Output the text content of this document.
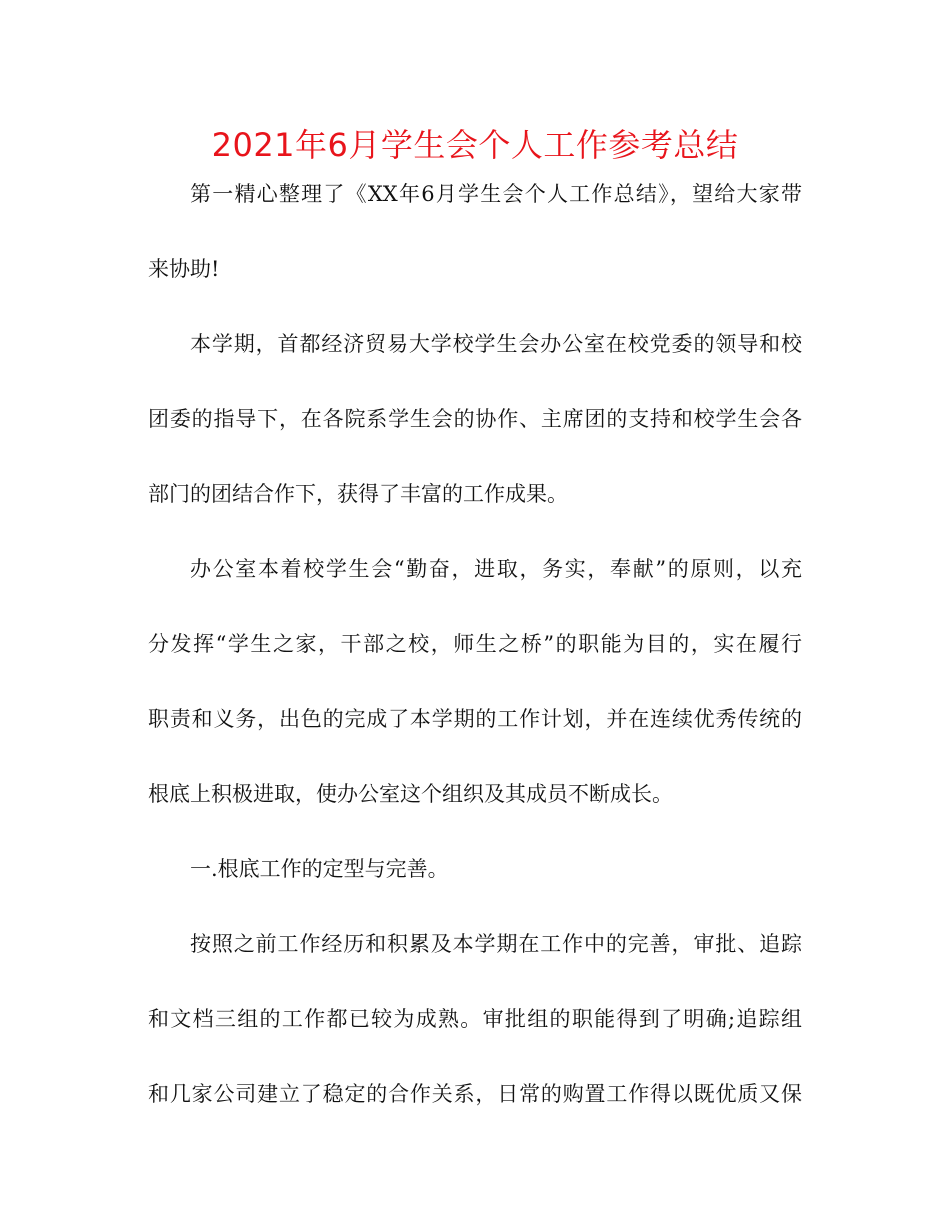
2021年6月学生会个人工作参考总结

第一精心整理了《XX年6月学生会个人工作总结》，望给大家带

来协助!

本学期，首都经济贸易大学校学生会办公室在校党委的领导和校

团委的指导下，在各院系学生会的协作、主席团的支持和校学生会各

部门的团结合作下，获得了丰富的工作成果。

办公室本着校学生会“勤奋，进取，务实，奉献”的原则，以充

分发挥“学生之家，干部之校，师生之桥”的职能为目的，实在履行

职责和义务，出色的完成了本学期的工作计划，并在连续优秀传统的

根底上积极进取，使办公室这个组织及其成员不断成长。

一.根底工作的定型与完善。

按照之前工作经历和积累及本学期在工作中的完善，审批、追踪

和文档三组的工作都已较为成熟。审批组的职能得到了明确;追踪组

和几家公司建立了稳定的合作关系，日常的购置工作得以既优质又保
